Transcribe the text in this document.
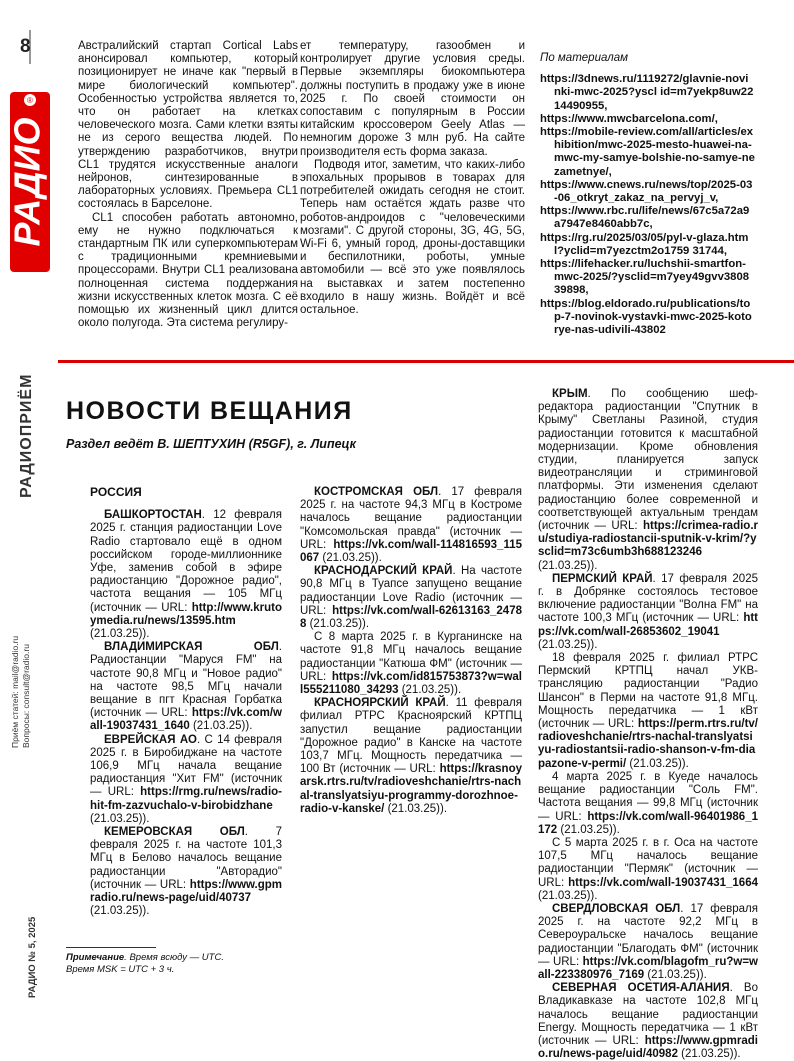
8
РАДИО
®
РАДИОПРИЁМ
Приём статей: mail@radio.ru Вопросы: consult@radio.ru
РАДИО № 5, 2025

Австралийский стартап Cortical Labs анонсировал компьютер, который позиционирует не иначе как "первый в мире биологический компьютер". Особенностью устройства является то, что он работает на клетках человеческого мозга. Сами клетки взяты не из серого вещества людей. По утверждению разработчиков, внутри CL1 трудятся искусственные аналоги нейронов, синтезированные в лабораторных условиях. Премьера CL1 состоялась в Барселоне.

CL1 способен работать автономно, ему не нужно подключаться к стандартным ПК или суперкомпьютерам с традиционными кремниевыми процессорами. Внутри CL1 реализована полноценная система поддержания жизни искусственных клеток мозга. С её помощью их жизненный цикл длится около полугода. Эта система регулиру-

ет температуру, газообмен и контролирует другие условия среды. Первые экземпляры биокомпьютера должны поступить в продажу уже в июне 2025 г. По своей стоимости он сопоставим с популярным в России китайским кроссовером Geely Atlas — немногим дороже 3 млн руб. На сайте производителя есть форма заказа.

Подводя итог, заметим, что каких-либо эпохальных прорывов в товарах для потребителей ожидать сегодня не стоит. Теперь нам остаётся ждать разве что роботов-андроидов с "человеческими мозгами". С другой стороны, 3G, 4G, 5G, Wi-Fi 6, умный город, дроны-доставщики и беспилотники, роботы, умные автомобили — всё это уже появлялось на выставках и затем постепенно входило в нашу жизнь. Войдёт и всё остальное.

По материалам

https://3dnews.ru/1119272/glavnie-novinki-mwc-2025?yscl id=m7yekp8uw2214490955,

https://www.mwcbarcelona.com/,

https://mobile-review.com/all/articles/exhibition/mwc-2025-mesto-huawei-na-mwc-my-samye-bolshie-no-samye-nezametnye/,

https://www.cnews.ru/news/top/2025-03-06_otkryt_zakaz_na_pervyj_v,

https://www.rbc.ru/life/news/67c5a72a9a7947e8460abb7c,

https://rg.ru/2025/03/05/pyl-v-glaza.html?yclid=m7yezctm2o1759 31744,

https://lifehacker.ru/luchshii-smartfon-mwc-2025/?ysclid=m7yey49gvv380839898,

https://blog.eldorado.ru/publications/top-7-novinok-vystavki-mwc-2025-kotorye-nas-udivili-43802

НОВОСТИ ВЕЩАНИЯ
Раздел ведёт В. ШЕПТУХИН (R5GF), г. Липецк
РОССИЯ

БАШКОРТОСТАН. 12 февраля 2025 г. станция радиостанции Love Radio стартовало ещё в одном российском городе-миллионнике Уфе, заменив собой в эфире радиостанцию "Дорожное радио", частота вещания — 105 МГц (источник — URL: http://www.krutoymedia.ru/news/13595.htm (21.03.25)).

ВЛАДИМИРСКАЯ ОБЛ. Радиостанции "Маруся FM" на частоте 90,8 МГц и "Новое радио" на частоте 98,5 МГц начали вещание в пгт Красная Горбатка (источник — URL: https://vk.com/wall-19037431_1640 (21.03.25)).

ЕВРЕЙСКАЯ АО. С 14 февраля 2025 г. в Биробиджане на частоте 106,9 МГц начала вещание радиостанция "Хит FM" (источник — URL: https://rmg.ru/news/radio-hit-fm-zazvuchalo-v-birobidzhane (21.03.25)).

КЕМЕРОВСКАЯ ОБЛ. 7 февраля 2025 г. на частоте 101,3 МГц в Белово началось вещание радиостанции "Авторадио" (источник — URL: https://www.gpmradio.ru/news-page/uid/40737 (21.03.25)).

КОСТРОМСКАЯ ОБЛ. 17 февраля 2025 г. на частоте 94,3 МГц в Костроме началось вещание радиостанции "Комсомольская правда" (источник — URL: https://vk.com/wall-114816593_115067 (21.03.25)).

КРАСНОДАРСКИЙ КРАЙ. На частоте 90,8 МГц в Туапсе запущено вещание радиостанции Love Radio (источник — URL: https://vk.com/wall-62613163_24788 (21.03.25)).

С 8 марта 2025 г. в Курганинске на частоте 91,8 МГц началось вещание радиостанции "Катюша ФМ" (источник — URL: https://vk.com/id815753873?w=wall555211080_34293 (21.03.25)).

КРАСНОЯРСКИЙ КРАЙ. 11 февраля филиал РТРС Красноярский КРТПЦ запустил вещание радиостанции "Дорожное радио" в Канске на частоте 103,7 МГц. Мощность передатчика — 100 Вт (источник — URL: https://krasnoyarsk.rtrs.ru/tv/radioveshchanie/rtrs-nachal-translyatsiyu-programmy-dorozhnoe-radio-v-kanske/ (21.03.25)).

КРЫМ. По сообщению шеф-редактора радиостанции "Спутник в Крыму" Светланы Разиной, студия радиостанции готовится к масштабной модернизации. Кроме обновления студии, планируется запуск видеотрансляции и стриминговой платформы. Эти изменения сделают радиостанцию более современной и соответствующей актуальным трендам (источник — URL: https://crimea-radio.ru/studiya-radiostancii-sputnik-v-krim/?ysclid=m73c6umb3h688123246 (21.03.25)).

ПЕРМСКИЙ КРАЙ. 17 февраля 2025 г. в Добрянке состоялось тестовое включение радиостанции "Волна FM" на частоте 100,3 МГц (источник — URL: https://vk.com/wall-26853602_19041 (21.03.25)).

18 февраля 2025 г. филиал РТРС Пермский КРТПЦ начал УКВ-трансляцию радиостанции "Радио Шансон" в Перми на частоте 91,8 МГц. Мощность передатчика — 1 кВт (источник — URL: https://perm.rtrs.ru/tv/radioveshchanie/rtrs-nachal-translyatsiyu-radiostantsii-radio-shanson-v-fm-diapazone-v-permi/ (21.03.25)).

4 марта 2025 г. в Куеде началось вещание радиостанции "Соль FM". Частота вещания — 99,8 МГц (источник — URL: https://vk.com/wall-96401986_1172 (21.03.25)).

С 5 марта 2025 г. в г. Оса на частоте 107,5 МГц началось вещание радиостанции "Пермяк" (источник — URL: https://vk.com/wall-19037431_1664 (21.03.25)).

СВЕРДЛОВСКАЯ ОБЛ. 17 февраля 2025 г. на частоте 92,2 МГц в Североуральске началось вещание радиостанции "Благодать ФМ" (источник — URL: https://vk.com/blagofm_ru?w=wall-223380976_7169 (21.03.25)).

СЕВЕРНАЯ ОСЕТИЯ-АЛАНИЯ. Во Владикавказе на частоте 102,8 МГц началось вещание радиостанции Energy. Мощность передатчика — 1 кВт (источник — URL: https://www.gpmradio.ru/news-page/uid/40982 (21.03.25)).

Примечание. Время всюду — UTC.
Время MSK = UTC + 3 ч.
